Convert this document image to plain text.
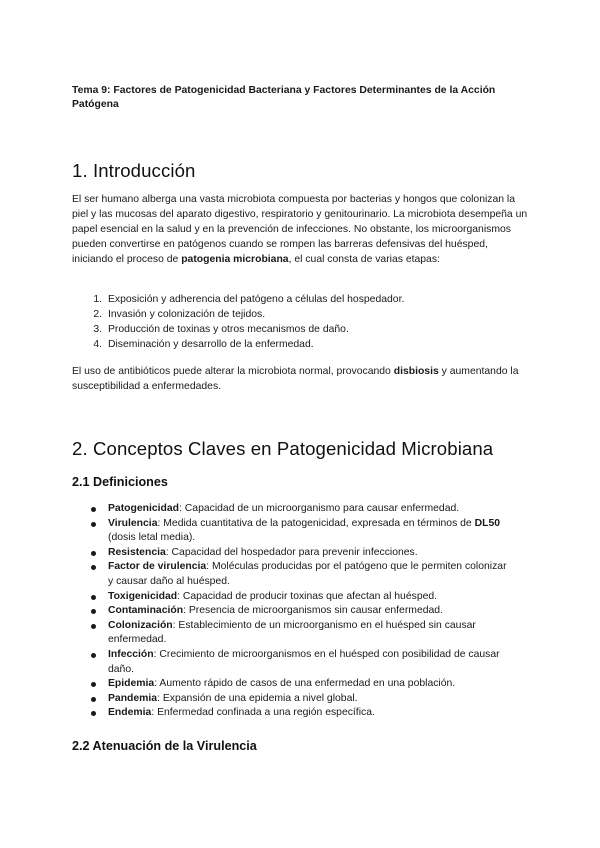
Tema 9: Factores de Patogenicidad Bacteriana y Factores Determinantes de la Acción Patógena

1. Introducción

El ser humano alberga una vasta microbiota compuesta por bacterias y hongos que colonizan la piel y las mucosas del aparato digestivo, respiratorio y genitourinario. La microbiota desempeña un papel esencial en la salud y en la prevención de infecciones. No obstante, los microorganismos pueden convertirse en patógenos cuando se rompen las barreras defensivas del huésped, iniciando el proceso de patogenia microbiana, el cual consta de varias etapas:

1. Exposición y adherencia del patógeno a células del hospedador.
2. Invasión y colonización de tejidos.
3. Producción de toxinas y otros mecanismos de daño.
4. Diseminación y desarrollo de la enfermedad.

El uso de antibióticos puede alterar la microbiota normal, provocando disbiosis y aumentando la susceptibilidad a enfermedades.

2. Conceptos Claves en Patogenicidad Microbiana
2.1 Definiciones
Patogenicidad: Capacidad de un microorganismo para causar enfermedad.
Virulencia: Medida cuantitativa de la patogenicidad, expresada en términos de DL50 (dosis letal media).
Resistencia: Capacidad del hospedador para prevenir infecciones.
Factor de virulencia: Moléculas producidas por el patógeno que le permiten colonizar y causar daño al huésped.
Toxigenicidad: Capacidad de producir toxinas que afectan al huésped.
Contaminación: Presencia de microorganismos sin causar enfermedad.
Colonización: Establecimiento de un microorganismo en el huésped sin causar enfermedad.
Infección: Crecimiento de microorganismos en el huésped con posibilidad de causar daño.
Epidemia: Aumento rápido de casos de una enfermedad en una población.
Pandemia: Expansión de una epidemia a nivel global.
Endemia: Enfermedad confinada a una región específica.
2.2 Atenuación de la Virulencia
